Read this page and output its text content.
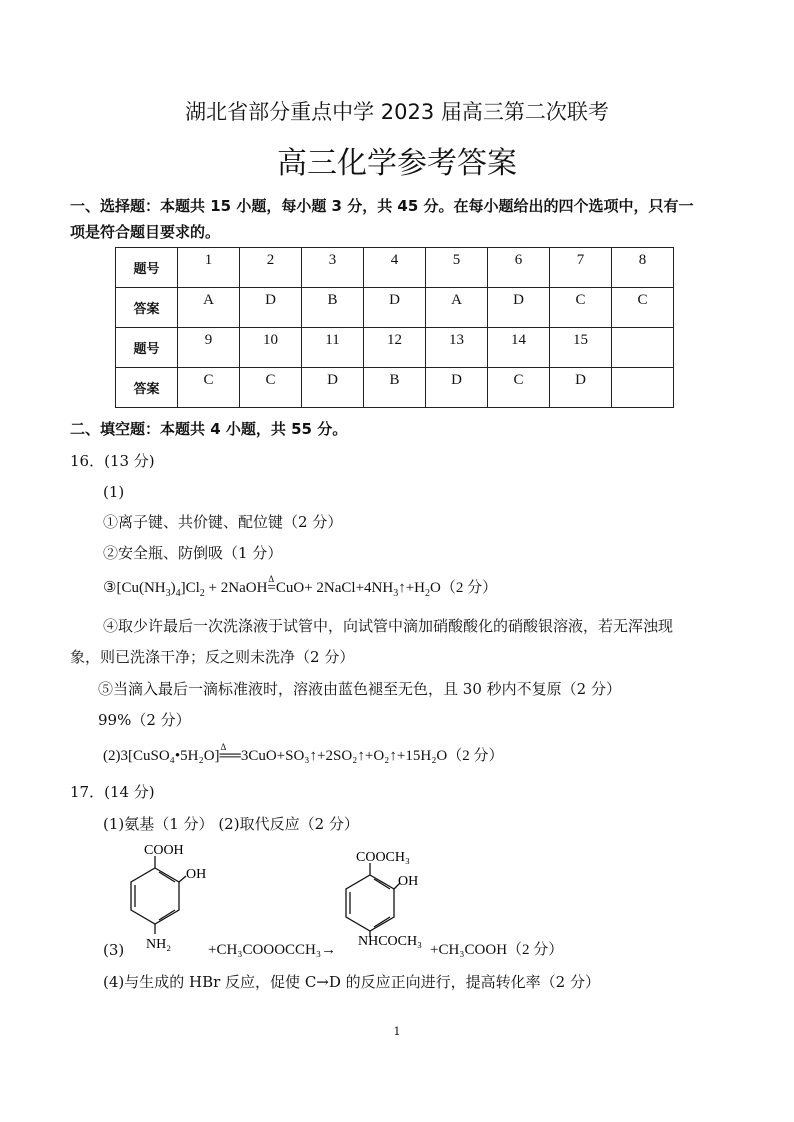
湖北省部分重点中学 2023 届高三第二次联考
高三化学参考答案
一、选择题：本题共 15 小题，每小题 3 分，共 45 分。在每小题给出的四个选项中，只有一
项是符合题目要求的。
题号	1	2	3	4	5	6	7	8
答案	A	D	B	D	A	D	C	C
题号	9	10	11	12	13	14	15	
答案	C	C	D	B	D	C	D	
二、填空题：本题共 4 小题，共 55 分。
16．(13 分)
(1)
①离子键、共价键、配位键（2 分）
②安全瓶、防倒吸（1 分）
$③[Cu(NH_3)_4]Cl_2$ + 2NaOHΔ $=CuO+ 2NaCl+4NH_3↑+H_2O(2$ 分）
④取少许最后一次洗涤液于试管中，向试管中滴加硝酸酸化的硝酸银溶液，若无浑浊现
象，则已洗涤干净；反之则未洗净（2 分）
⑤当滴入最后一滴标准液时，溶液由蓝色褪至无色，且 30 秒内不复原（2 分）
99%（2 分）
(2)3[CuSO₄•5H₂O]Δ ══3CuO+SO₃↑+2SO₂↑+O₂↑+15H₂O（2 分）
17．(14 分)
(1)氨基（1 分） (2)取代反应（2 分）
(3)
COOH
OH
NH₂ +CH₃COOOCCH₃→
COOCH₃
OH
NHCOCH₃
+CH₃COOH（2 分）
(4)与生成的 HBr 反应，促使 C→D 的反应正向进行，提高转化率（2 分）
1
